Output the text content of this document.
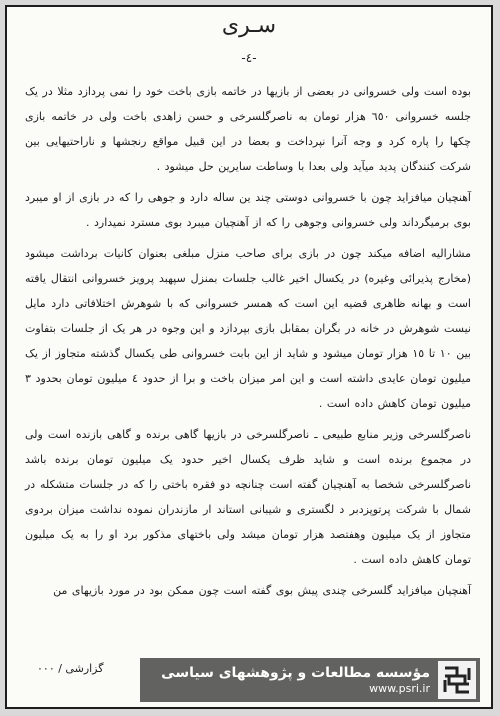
سـری
-٤-

بوده است ولی خسروانی در بعضی از بازیها در خاتمه بازی باخت خود را نمی پردازد مثلا در یک جلسه خسروانی ٦٥٠ هزار تومان به ناصرگلسرخی و حسن زاهدی باخت ولی در خاتمه بازی چکها را پاره کرد و وجه آنرا نپرداخت و بعضا در این قبیل مواقع رنجشها و ناراحتیهایی بین شرکت کنندگان پدید میآید ولی بعدا با وساطت سایرین حل میشود .

آهنچیان میافزاید چون با خسروانی دوستی چند ین ساله دارد و جوهی را که در بازی از او میبرد بوی برمیگرداند ولی خسروانی وجوهی را که از آهنچیان میبرد بوی مسترد نمیدارد .

مشارالیه اضافه میکند چون در بازی برای صاحب منزل مبلغی بعنوان کانیات برداشت میشود (مخارج پذیرائی وغیره) در یکسال اخیر غالب جلسات بمنزل سپهبد پرویز خسروانی انتقال یافته است و بهانه ظاهری قضیه این است که همسر خسروانی که با شوهرش اختلافاتی دارد مایل نیست شوهرش در خانه در بگران بمقابل بازی بپردازد و این وجوه در هر یک از جلسات بتفاوت بین ١٠ تا ١٥ هزار تومان میشود و شاید از این بابت خسروانی طی یکسال گذشته متجاوز از یک میلیون تومان عایدی داشته است و این امر میزان باخت و برا از حدود ٤ میلیون تومان بحدود ٣ میلیون تومان کاهش داده است .

ناصرگلسرخی وزیر منابع طبیعی ـ ناصرگلسرخی در بازیها گاهی برنده و گاهی بازنده است ولی در مجموع برنده است و شاید ظرف یکسال اخیر حدود یک میلیون تومان برنده باشد ناصرگلسرخی شخصا به آهنچیان گفته است چنانچه دو فقره باختی را که در جلسات متشکله در شمال با شرکت پرتوپزدبر د لگستری و شیبانی استاند ار مازندران نموده نداشت میزان بردوی متجاوز از یک میلیون وهفتصد هزار تومان میشد ولی باختهای مذکور برد او را به یک میلیون تومان کاهش داده است .

آهنچیان میافزاید گلسرخی چندی پیش بوی گفته است چون ممکن بود در مورد بازیهای من

گزارشی / ٠٠٠	مؤسسه مطالعات و پژوهشهای سیاسی
www.psri.ir
